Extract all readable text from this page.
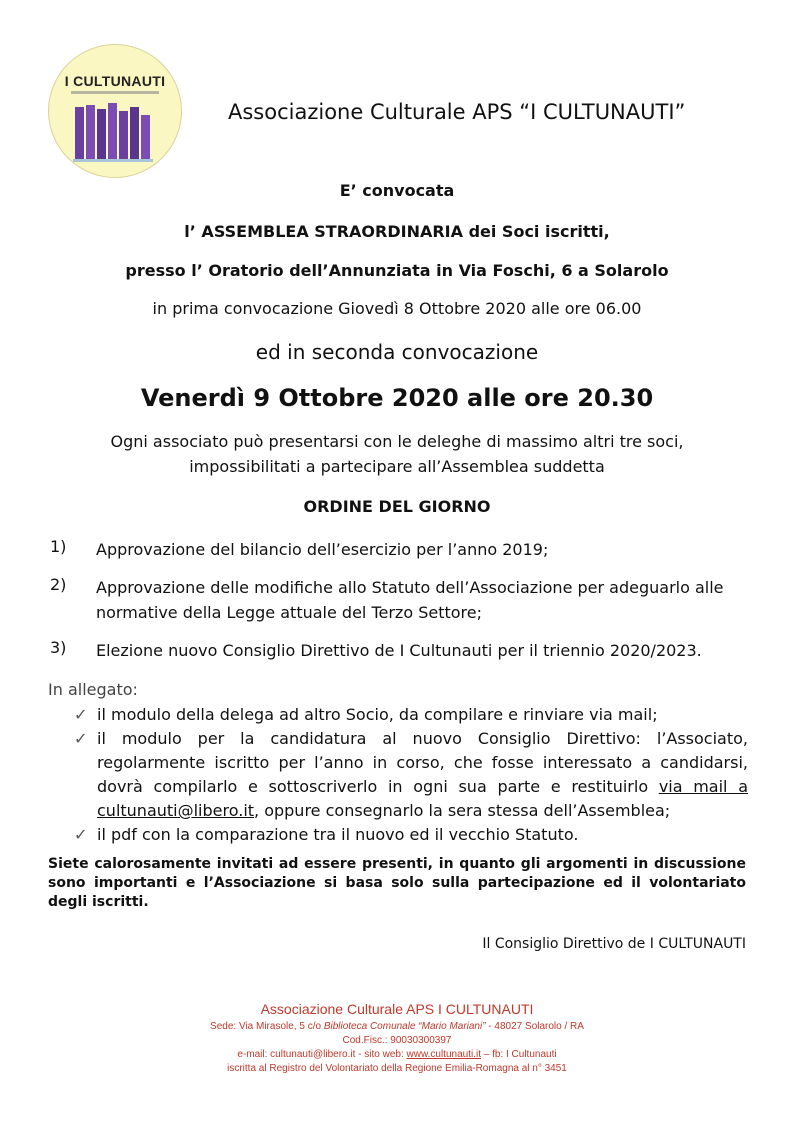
I CULTUNAUTI
Associazione Culturale APS “I CULTUNAUTI”
E’ convocata
l’ ASSEMBLEA STRAORDINARIA dei Soci iscritti,
presso l’ Oratorio dell’Annunziata in Via Foschi, 6 a Solarolo
in prima convocazione Giovedì 8 Ottobre 2020 alle ore 06.00
ed in seconda convocazione
Venerdì 9 Ottobre 2020 alle ore 20.30
Ogni associato può presentarsi con le deleghe di massimo altri tre soci,
impossibilitati a partecipare all’Assemblea suddetta
ORDINE DEL GIORNO
1) Approvazione del bilancio dell’esercizio per l’anno 2019;
2) Approvazione delle modifiche allo Statuto dell’Associazione per adeguarlo alle normative della Legge attuale del Terzo Settore;
3) Elezione nuovo Consiglio Direttivo de I Cultunauti per il triennio 2020/2023.
In allegato:
✓ il modulo della delega ad altro Socio, da compilare e rinviare via mail;
✓ il modulo per la candidatura al nuovo Consiglio Direttivo: l’Associato, regolarmente iscritto per l’anno in corso, che fosse interessato a candidarsi, dovrà compilarlo e sottoscriverlo in ogni sua parte e restituirlo via mail a cultunauti@libero.it, oppure consegnarlo la sera stessa dell’Assemblea;
✓ il pdf con la comparazione tra il nuovo ed il vecchio Statuto.
Siete calorosamente invitati ad essere presenti, in quanto gli argomenti in discussione sono importanti e l’Associazione si basa solo sulla partecipazione ed il volontariato degli iscritti.
Il Consiglio Direttivo de I CULTUNAUTI
Associazione Culturale APS I CULTUNAUTI
Sede: Via Mirasole, 5 c/o Biblioteca Comunale “Mario Mariani” - 48027 Solarolo / RA
Cod.Fisc.: 90030300397
e-mail: cultunauti@libero.it - sito web: www.cultunauti.it – fb: I Cultunauti
iscritta al Registro del Volontariato della Regione Emilia-Romagna al n° 3451
